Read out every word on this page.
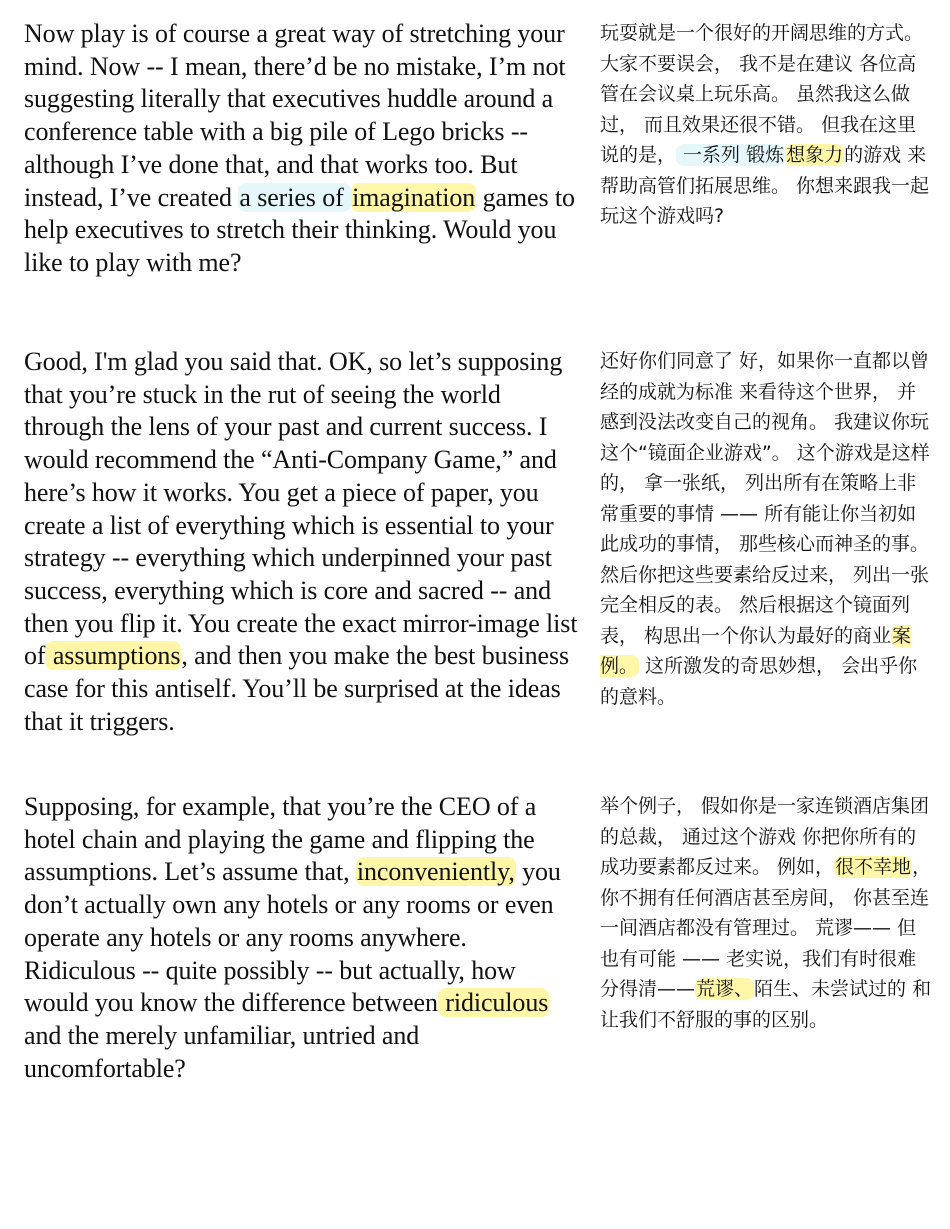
Now play is of course a great way of stretching your mind. Now -- I mean, there’d be no mistake, I’m not suggesting literally that executives huddle around a conference table with a big pile of Lego bricks -- although I’ve done that, and that works too. But instead, I’ve created a series of imagination games to help executives to stretch their thinking. Would you like to play with me?

玩耍就是一个很好的开阔思维的方式。 大家不要误会， 我不是在建议 各位高管在会议桌上玩乐高。 虽然我这么做过， 而且效果还很不错。 但我在这里说的是， 一系列 锻炼 想象力的游戏 来帮助高管们拓展思维。 你想来跟我一起玩这个游戏吗?

Good, I'm glad you said that. OK, so let’s supposing that you’re stuck in the rut of seeing the world through the lens of your past and current success. I would recommend the “Anti-Company Game,” and here’s how it works. You get a piece of paper, you create a list of everything which is essential to your strategy -- everything which underpinned your past success, everything which is core and sacred -- and then you flip it. You create the exact mirror-image list of assumptions, and then you make the best business case for this antiself. You’ll be surprised at the ideas that it triggers.

还好你们同意了 好，如果你一直都以曾经的成就为标准 来看待这个世界， 并感到没法改变自己的视角。 我建议你玩这个“镜面企业游戏”。 这个游戏是这样的， 拿一张纸， 列出所有在策略上非常重要的事情 —— 所有能让你当初如此成功的事情， 那些核心而神圣的事。 然后你把这些要素给反过来， 列出一张完全相反的表。 然后根据这个镜面列表， 构思出一个你认为最好的商业案例。 这所激发的奇思妙想， 会出乎你的意料。

Supposing, for example, that you’re the CEO of a hotel chain and playing the game and flipping the assumptions. Let’s assume that, inconveniently, you don’t actually own any hotels or any rooms or even operate any hotels or any rooms anywhere. Ridiculous -- quite possibly -- but actually, how would you know the difference between ridiculous and the merely unfamiliar, untried and uncomfortable?

举个例子， 假如你是一家连锁酒店集团的总裁， 通过这个游戏 你把你所有的成功要素都反过来。 例如，很不幸地， 你不拥有任何酒店甚至房间， 你甚至连一间酒店都没有管理过。 荒谬—— 但也有可能 —— 老实说，我们有时很难分得清——荒谬、陌生、未尝试过的 和让我们不舒服的事的区别。
